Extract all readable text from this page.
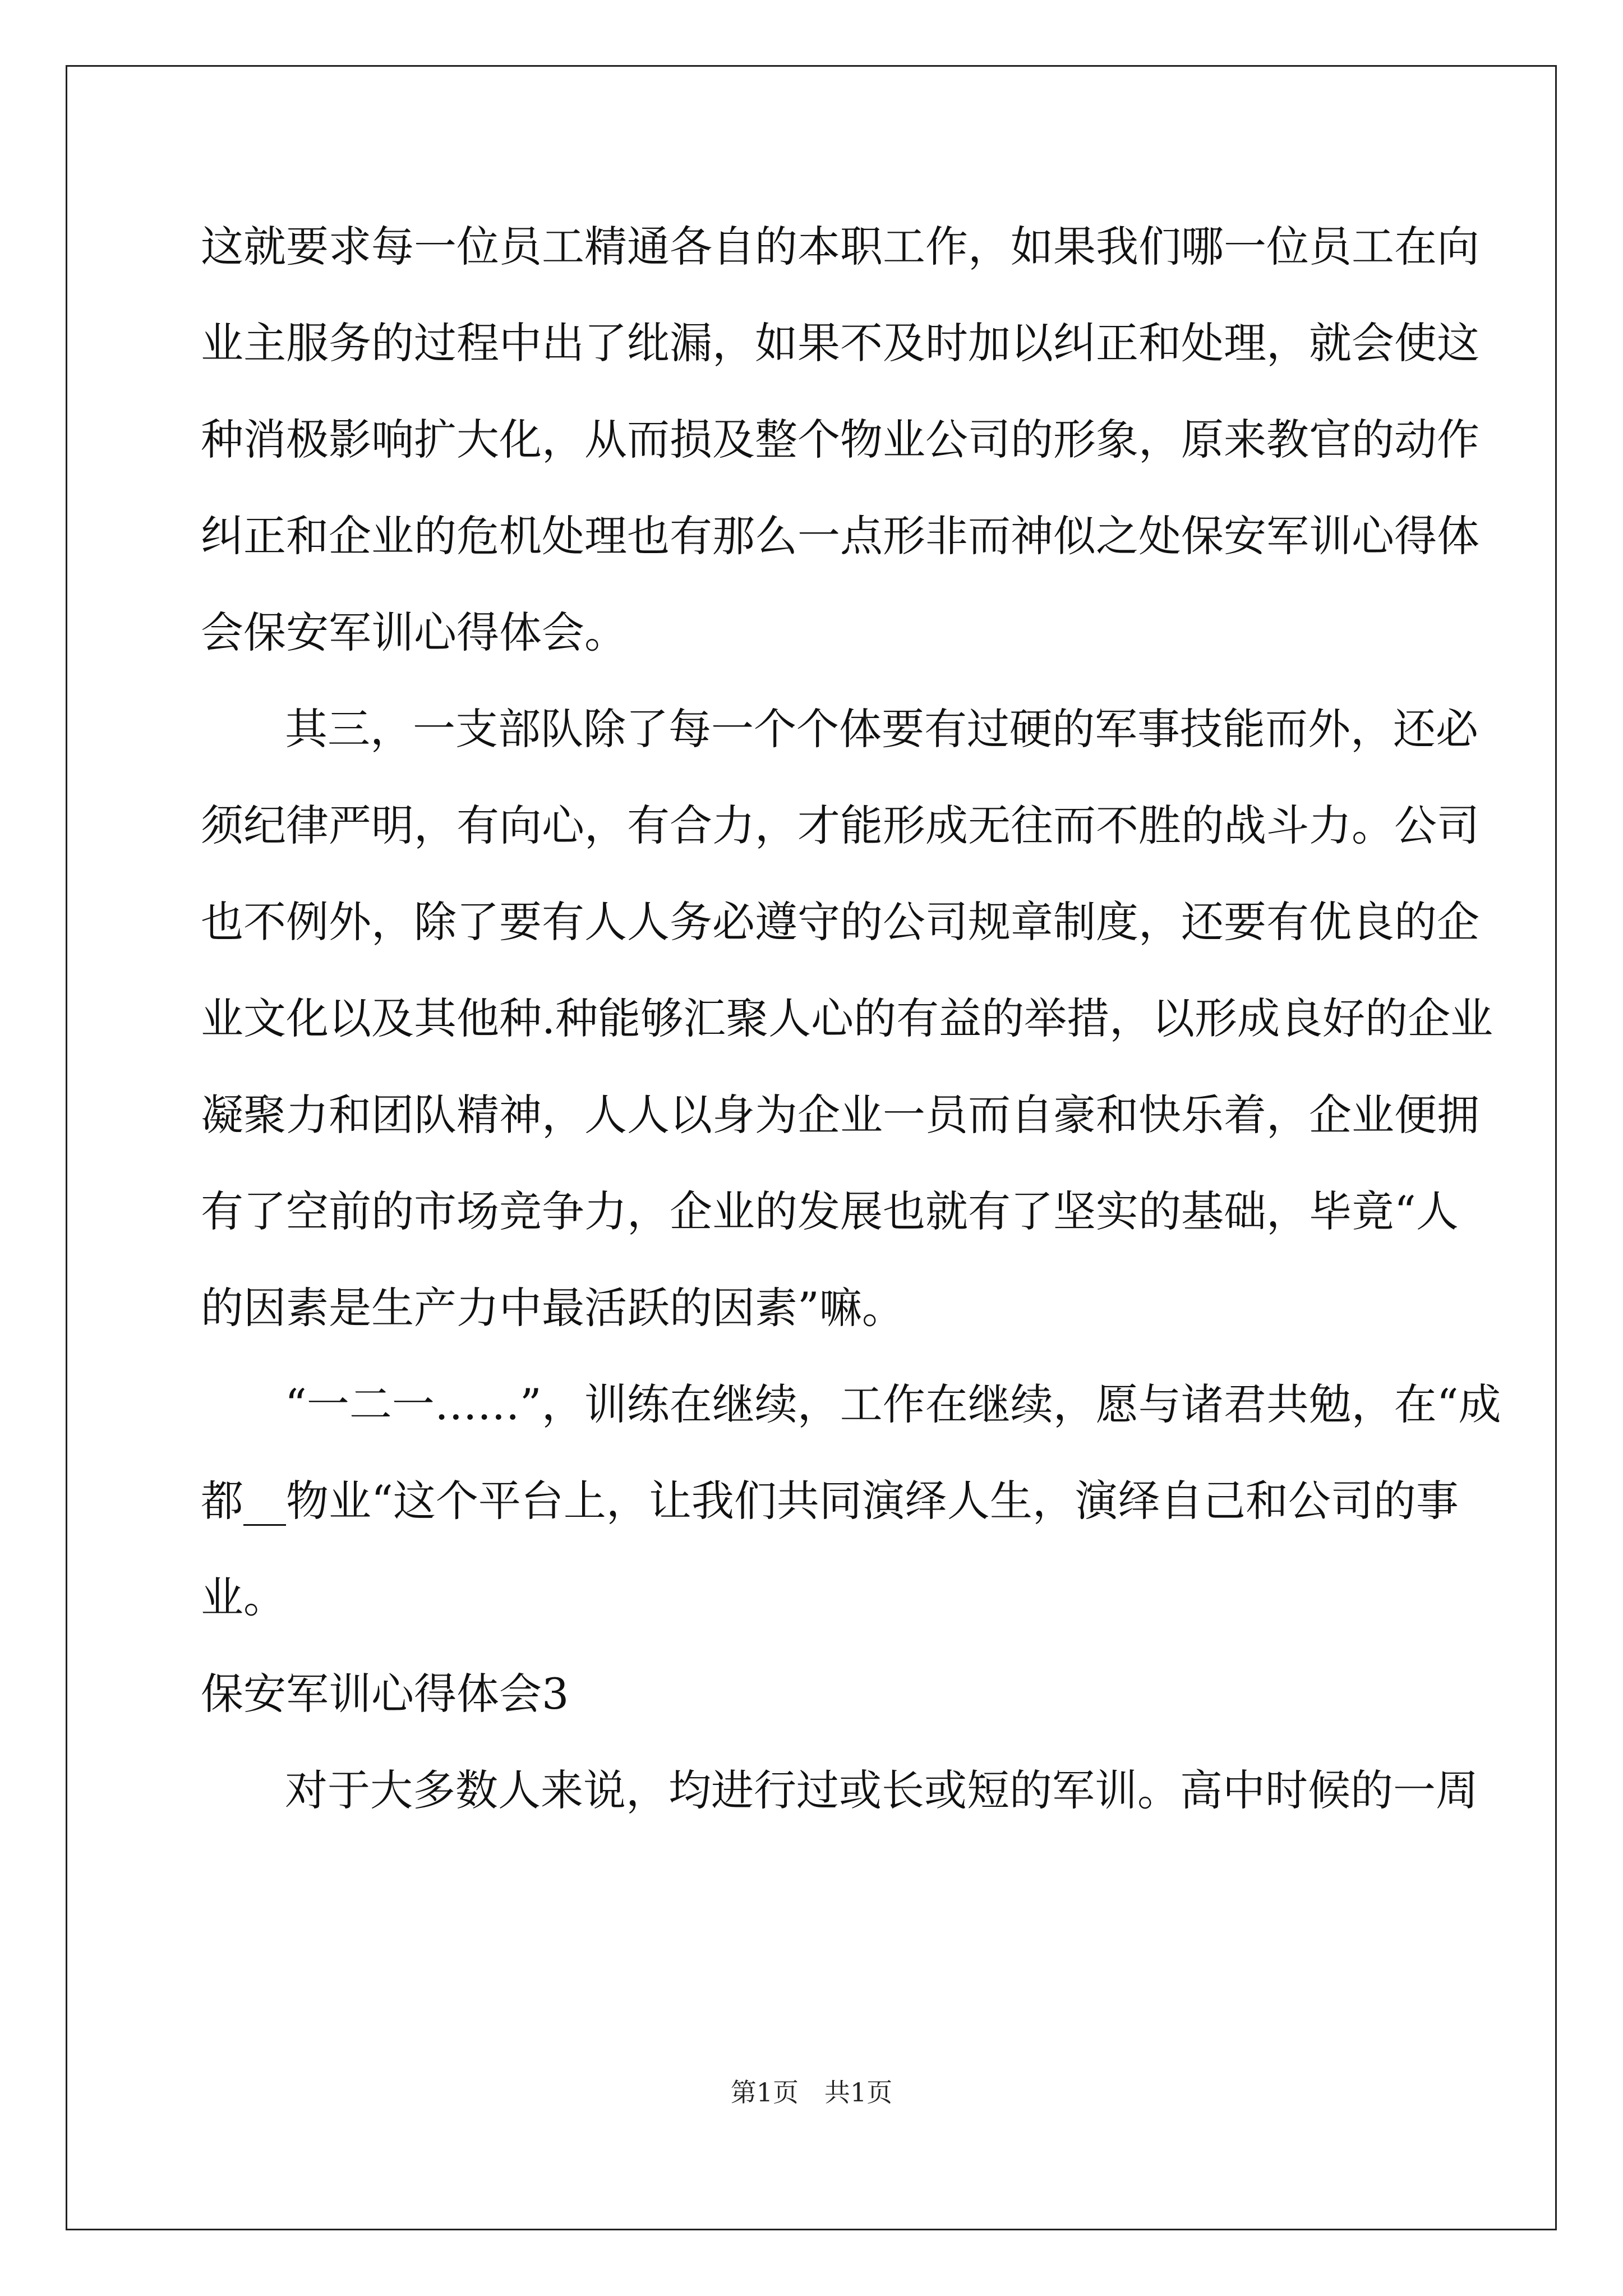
这就要求每一位员工精通各自的本职工作，如果我们哪一位员工在向
业主服务的过程中出了纰漏，如果不及时加以纠正和处理，就会使这
种消极影响扩大化，从而损及整个物业公司的形象，原来教官的动作
纠正和企业的危机处理也有那么一点形非而神似之处保安军训心得体
会保安军训心得体会。
其三，一支部队除了每一个个体要有过硬的军事技能而外，还必
须纪律严明，有向心，有合力，才能形成无往而不胜的战斗力。公司
也不例外，除了要有人人务必遵守的公司规章制度，还要有优良的企
业文化以及其他种.种能够汇聚人心的有益的举措，以形成良好的企业
凝聚力和团队精神，人人以身为企业一员而自豪和快乐着，企业便拥
有了空前的市场竞争力，企业的发展也就有了坚实的基础，毕竟“人
的因素是生产力中最活跃的因素”嘛。
“一二一……”，训练在继续，工作在继续，愿与诸君共勉，在“成
都__物业“这个平台上，让我们共同演绎人生，演绎自己和公司的事
业。
保安军训心得体会3
对于大多数人来说，均进行过或长或短的军训。高中时候的一周
第1页　共1页
